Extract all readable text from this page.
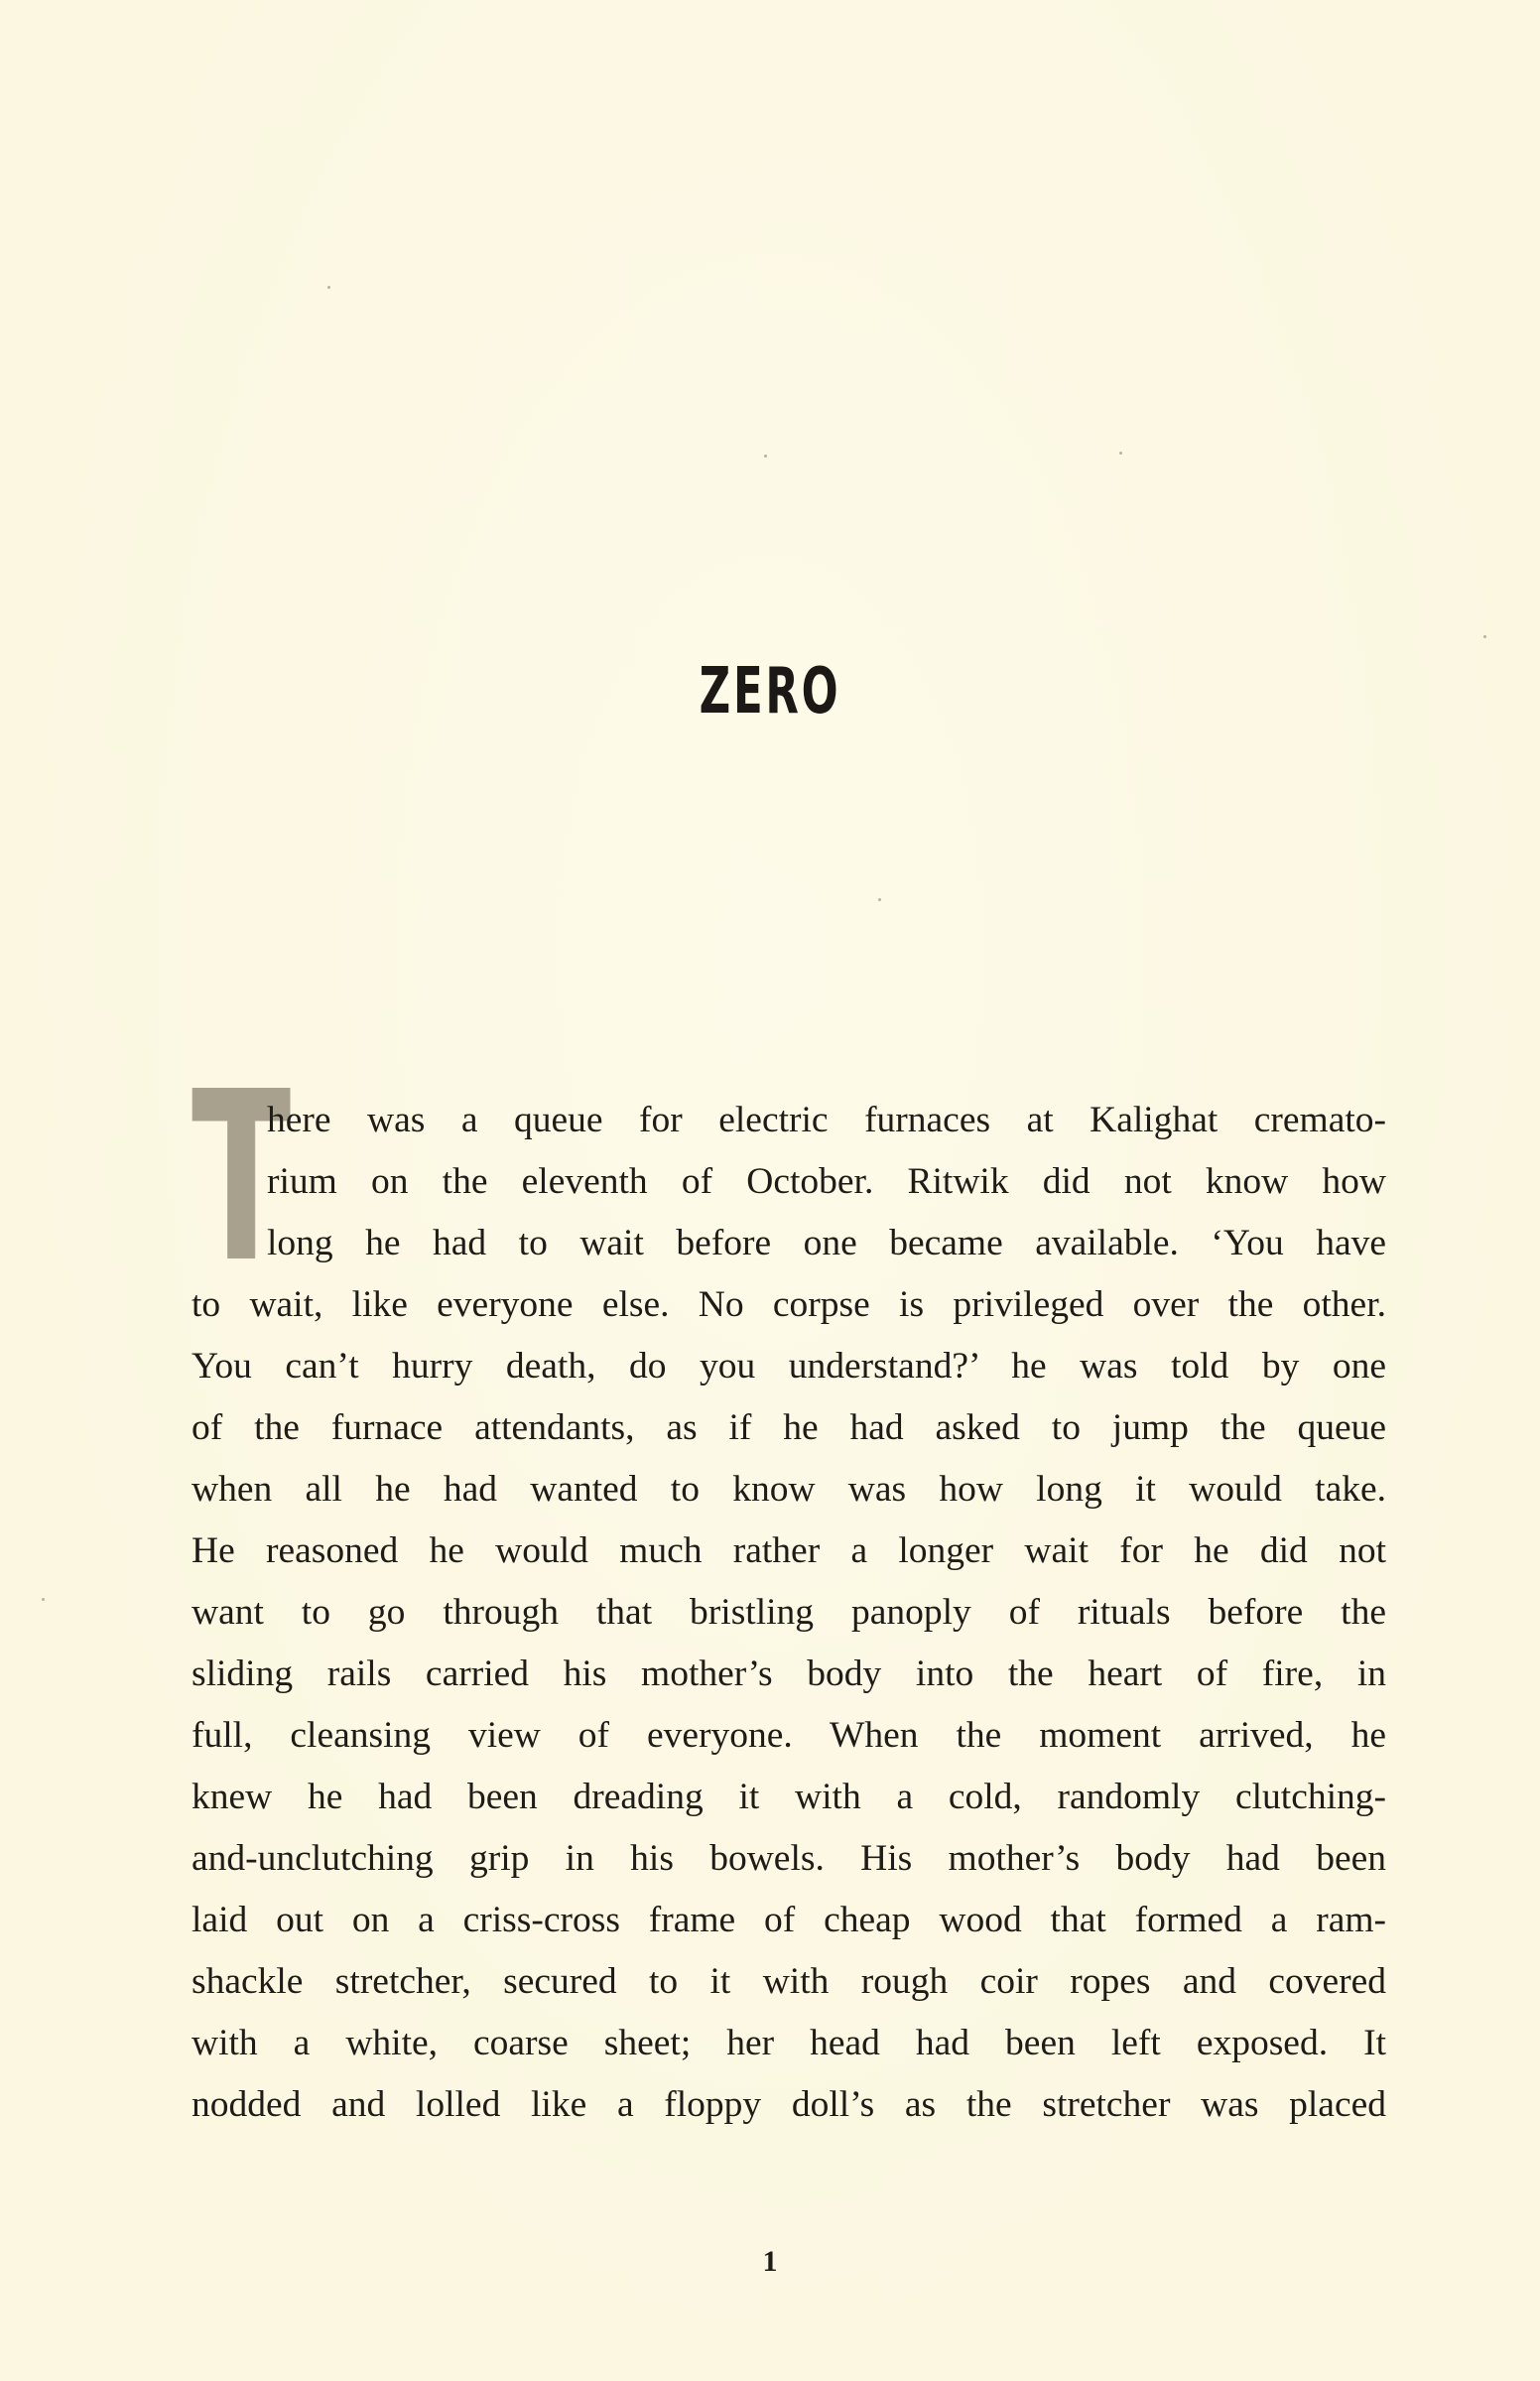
ZERO
T
here was a queue for electric furnaces at Kalighat cremato-
rium on the eleventh of October. Ritwik did not know how
long he had to wait before one became available. ‘You have
to wait, like everyone else. No corpse is privileged over the other.
You can’t hurry death, do you understand?’ he was told by one
of the furnace attendants, as if he had asked to jump the queue
when all he had wanted to know was how long it would take.
He reasoned he would much rather a longer wait for he did not
want to go through that bristling panoply of rituals before the
sliding rails carried his mother’s body into the heart of fire, in
full, cleansing view of everyone. When the moment arrived, he
knew he had been dreading it with a cold, randomly clutching-
and-unclutching grip in his bowels. His mother’s body had been
laid out on a criss-cross frame of cheap wood that formed a ram-
shackle stretcher, secured to it with rough coir ropes and covered
with a white, coarse sheet; her head had been left exposed. It
nodded and lolled like a floppy doll’s as the stretcher was placed
1
